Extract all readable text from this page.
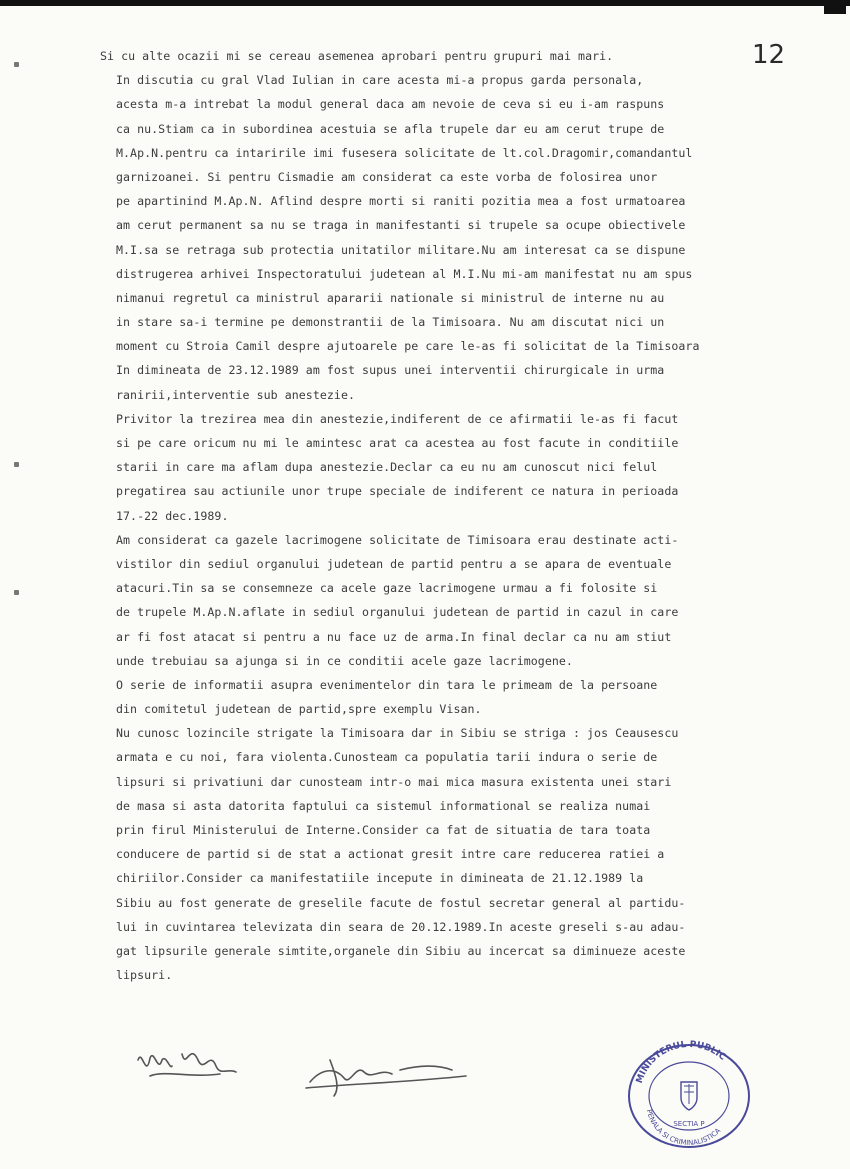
12
Si cu alte ocazii mi se cereau asemenea aprobari pentru grupuri mai mari.
In discutia cu gral Vlad Iulian in care acesta mi-a propus garda personala,
acesta m-a intrebat la modul general daca am nevoie de ceva si eu i-am raspuns
ca nu.Stiam ca in subordinea acestuia se afla trupele dar eu am cerut trupe de
M.Ap.N.pentru ca intaririle imi fusesera solicitate de lt.col.Dragomir,comandantul
garnizoanei. Si pentru Cismadie am considerat ca este vorba de folosirea unor
pe apartinind M.Ap.N. Aflind despre morti si raniti pozitia mea a fost urmatoarea
am cerut permanent sa nu se traga in manifestanti si trupele sa ocupe obiectivele
M.I.sa se retraga sub protectia unitatilor militare.Nu am interesat ca se dispune
distrugerea arhivei Inspectoratului judetean al M.I.Nu mi-am manifestat nu am spus
nimanui regretul ca ministrul apararii nationale si ministrul de interne nu au
in stare sa-i termine pe demonstrantii de la Timisoara. Nu am discutat nici un
moment cu Stroia Camil despre ajutoarele pe care le-as fi solicitat de la Timisoara
In dimineata de 23.12.1989 am fost supus unei interventii chirurgicale in urma
ranirii,interventie sub anestezie.
Privitor la trezirea mea din anestezie,indiferent de ce afirmatii le-as fi facut
si pe care oricum nu mi le amintesc arat ca acestea au fost facute in conditiile
starii in care ma aflam dupa anestezie.Declar ca eu nu am cunoscut nici felul
pregatirea sau actiunile unor trupe speciale de indiferent ce natura in perioada
17.-22 dec.1989.
Am considerat ca gazele lacrimogene solicitate de Timisoara erau destinate acti-
vistilor din sediul organului judetean de partid pentru a se apara de eventuale
atacuri.Tin sa se consemneze ca acele gaze lacrimogene urmau a fi folosite si
de trupele M.Ap.N.aflate in sediul organului judetean de partid in cazul in care
ar fi fost atacat si pentru a nu face uz de arma.In final declar ca nu am stiut
unde trebuiau sa ajunga si in ce conditii acele gaze lacrimogene.
O serie de informatii asupra evenimentelor din tara le primeam de la persoane
din comitetul judetean de partid,spre exemplu Visan.
Nu cunosc lozincile strigate la Timisoara dar in Sibiu se striga : jos Ceausescu
armata e cu noi, fara violenta.Cunosteam ca populatia tarii indura o serie de
lipsuri si privatiuni dar cunosteam intr-o mai mica masura existenta unei stari
de masa si asta datorita faptului ca sistemul informational se realiza numai
prin firul Ministerului de Interne.Consider ca fat de situatia de tara toata
conducere de partid si de stat a actionat gresit intre care reducerea ratiei a
chiriilor.Consider ca manifestatiile incepute in dimineata de 21.12.1989 la
Sibiu au fost generate de greselile facute de fostul secretar general al partidu-
lui in cuvintarea televizata din seara de 20.12.1989.In aceste greseli s-au adau-
gat lipsurile generale simtite,organele din Sibiu au incercat sa diminueze aceste
lipsuri.
MINISTERUL PUBLIC
PENALA SI CRIMINALISTICA
SECTIA P
